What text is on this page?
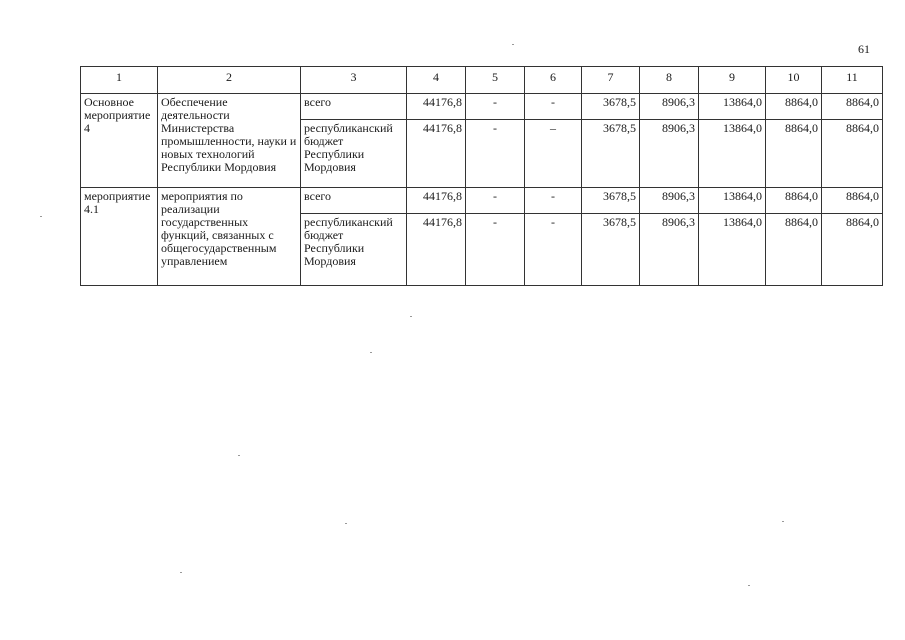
61
1	2	3	4	5	6	7	8	9	10	11
Основное мероприятие 4	Обеспечение деятельности Министерства промышленности, науки и новых технологий Республики Мордовия	всего	44176,8	-	-	3678,5	8906,3	13864,0	8864,0	8864,0
		республиканский бюджет Республики Мордовия	44176,8	-	–	3678,5	8906,3	13864,0	8864,0	8864,0
мероприятие 4.1	мероприятия по реализации государственных функций, связанных с общегосударственным управлением	всего	44176,8	-	-	3678,5	8906,3	13864,0	8864,0	8864,0
		республиканский бюджет Республики Мордовия	44176,8	-	-	3678,5	8906,3	13864,0	8864,0	8864,0
